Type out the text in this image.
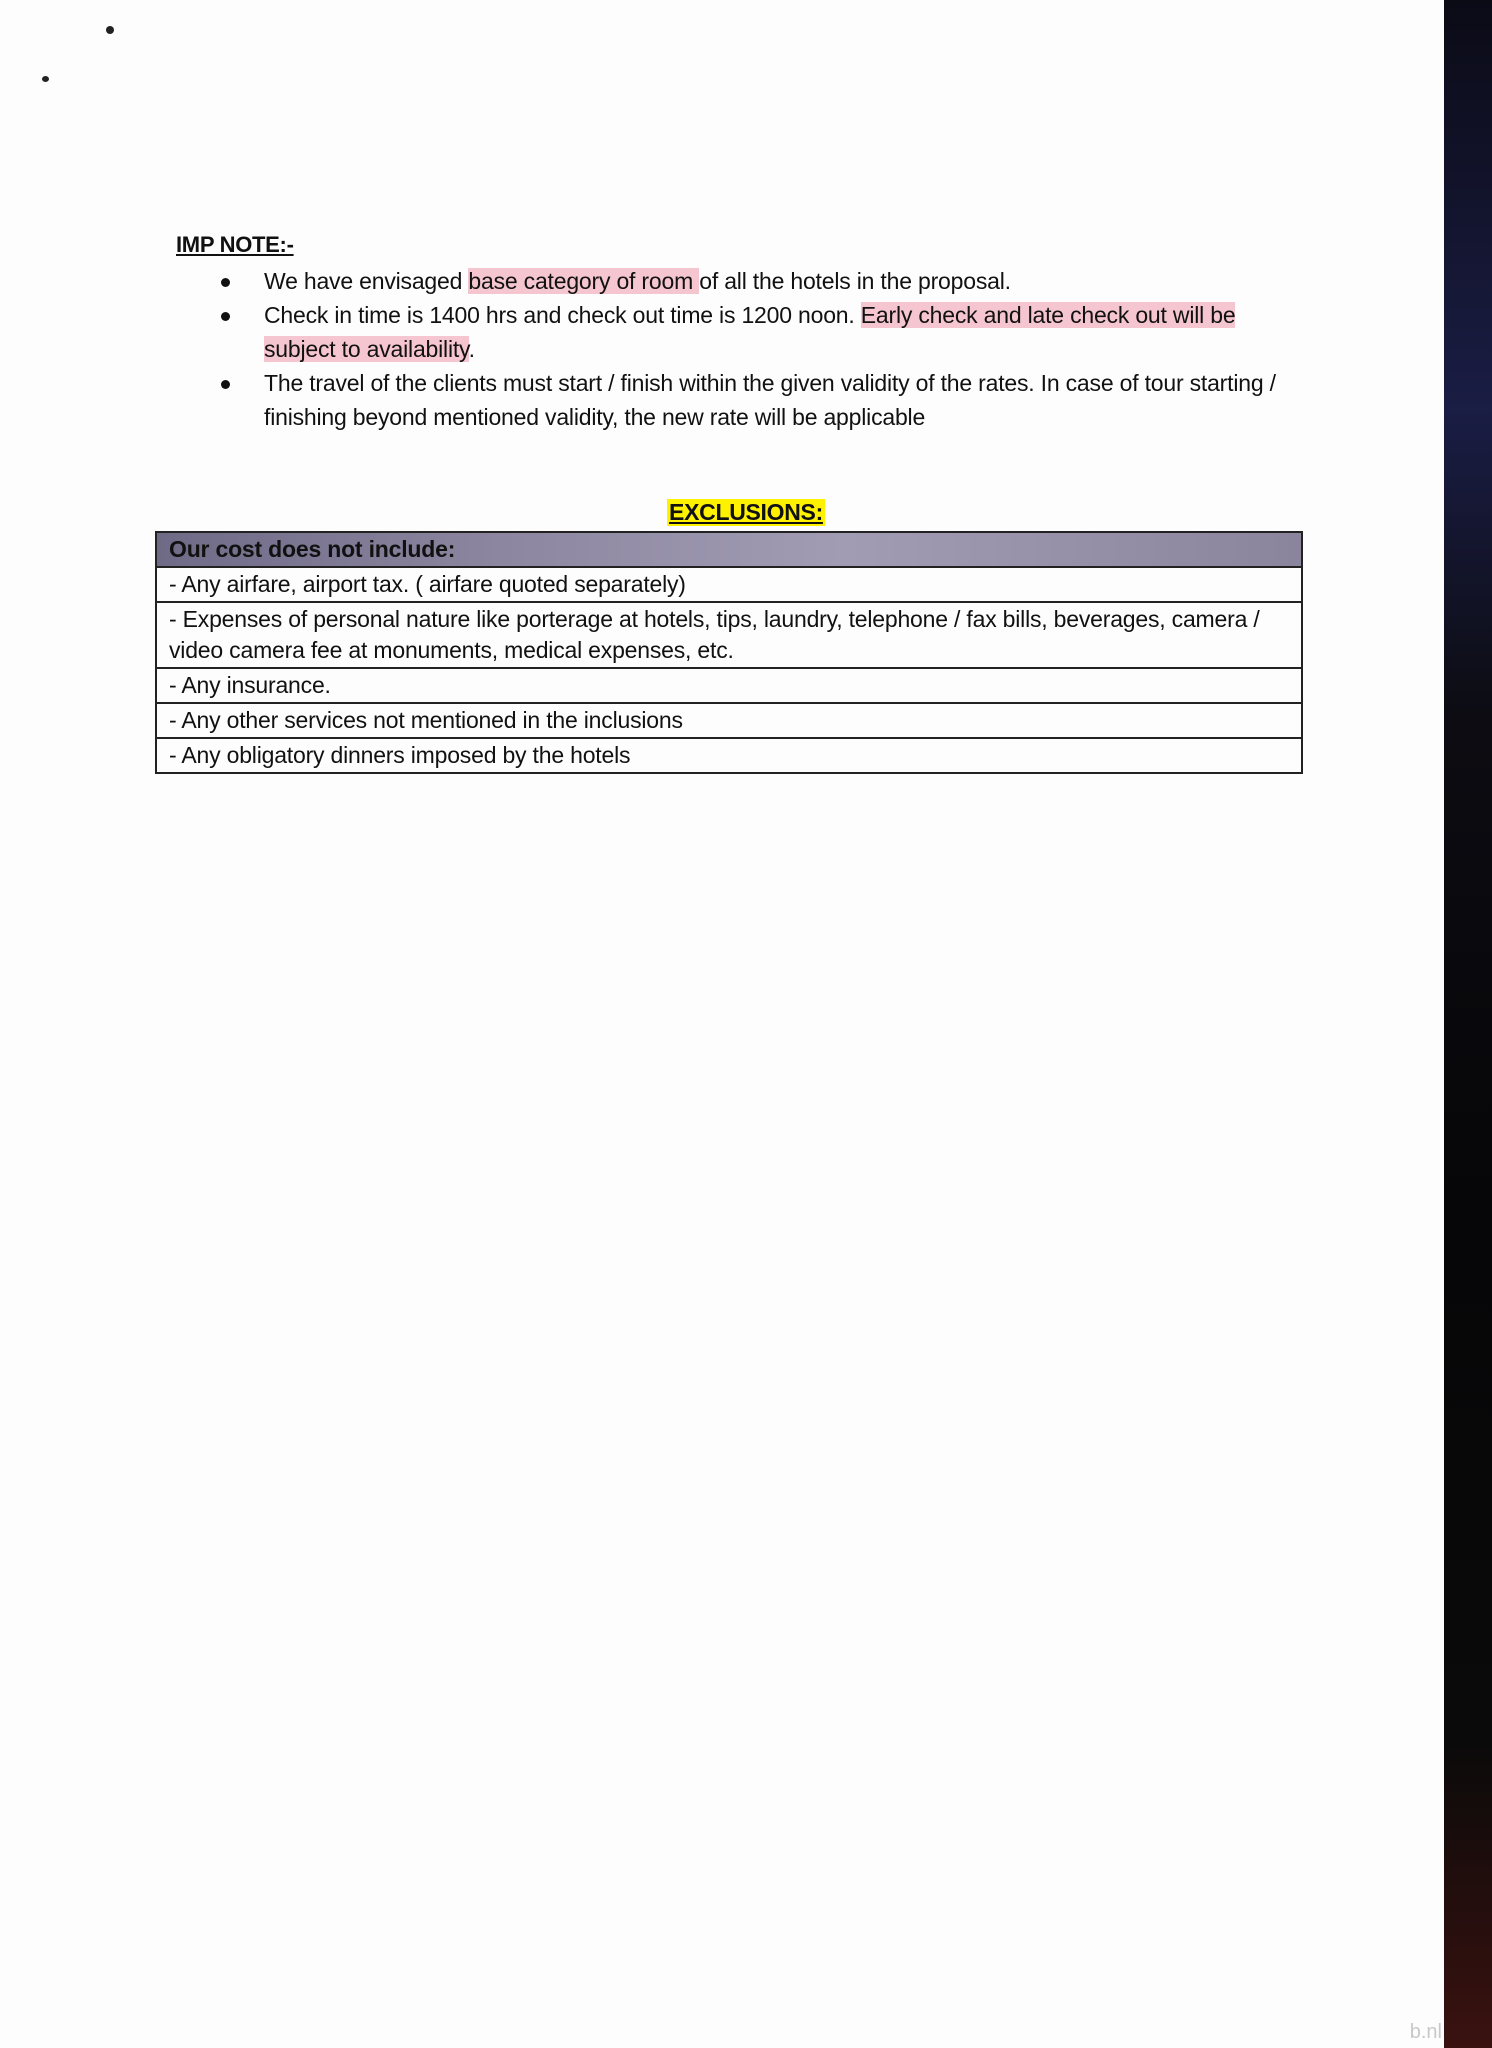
IMP NOTE:-
We have envisaged base category of room of all the hotels in the proposal.
Check in time is 1400 hrs and check out time is 1200 noon. Early check and late check out will be subject to availability.
The travel of the clients must start / finish within the given validity of the rates. In case of tour starting / finishing beyond mentioned validity, the new rate will be applicable
EXCLUSIONS:
Our cost does not include:
- Any airfare, airport tax. ( airfare quoted separately)
- Expenses of personal nature like porterage at hotels, tips, laundry, telephone / fax bills, beverages, camera / video camera fee at monuments, medical expenses, etc.
- Any insurance.
- Any other services not mentioned in the inclusions
- Any obligatory dinners imposed by the hotels
b.nl
